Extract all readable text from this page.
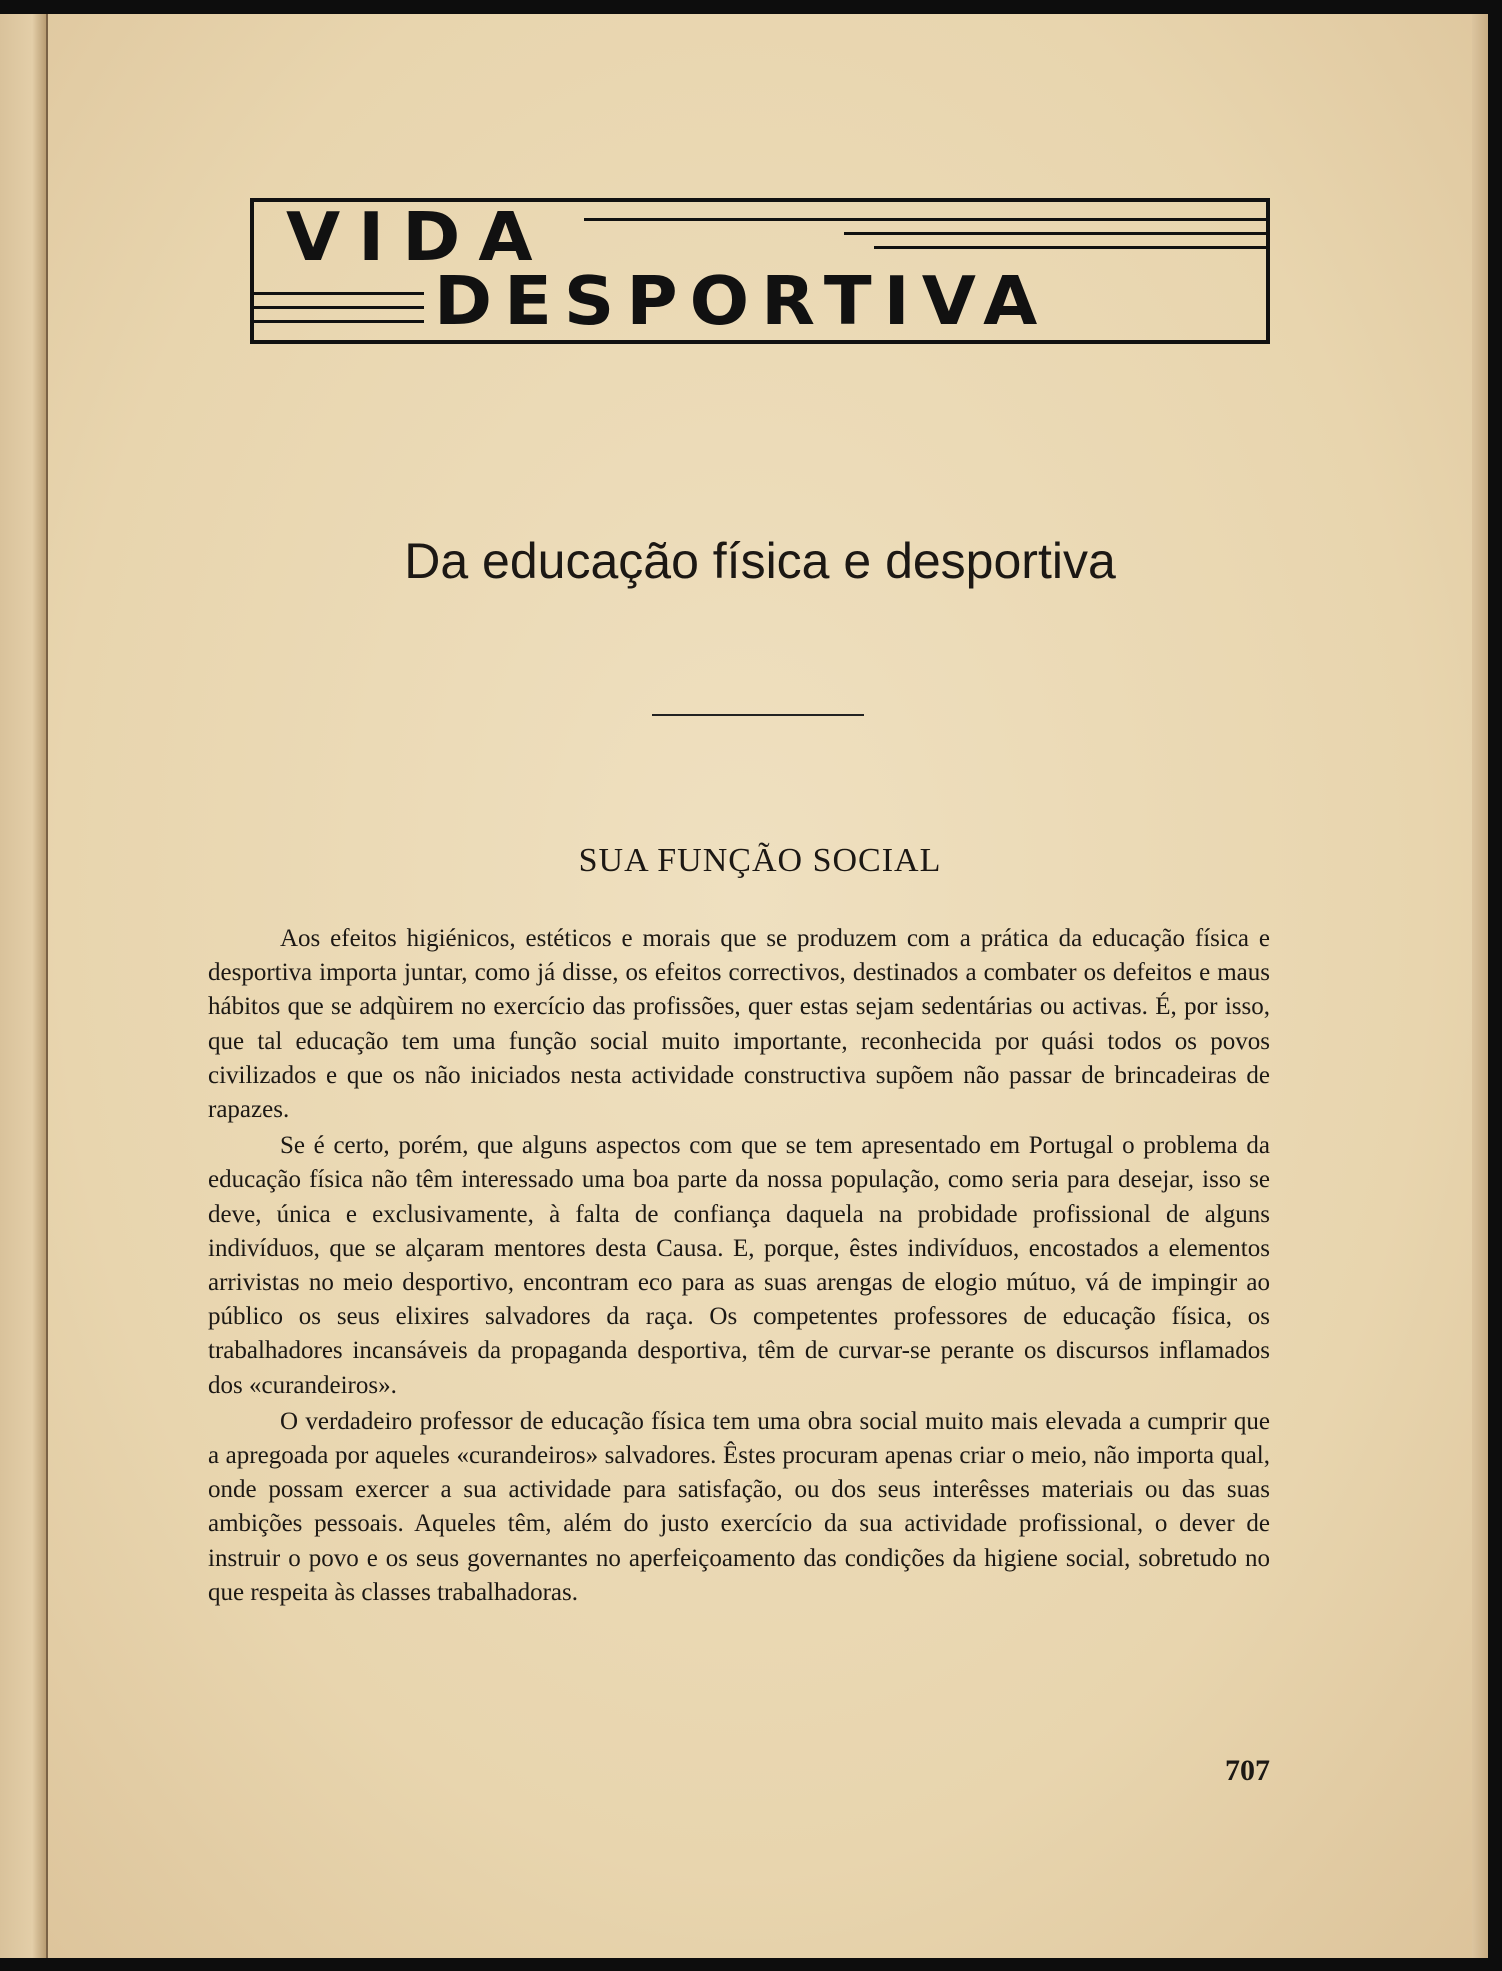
VIDA
DESPORTIVA
Da educação física e desportiva
SUA FUNÇÃO SOCIAL

Aos efeitos higiénicos, estéticos e morais que se produzem com a prática da educação física e desportiva importa juntar, como já disse, os efeitos correctivos, destinados a combater os defeitos e maus hábitos que se adqùirem no exercício das profissões, quer estas sejam sedentárias ou activas. É, por isso, que tal educação tem uma função social muito importante, reconhecida por quási todos os povos civilizados e que os não iniciados nesta actividade constructiva supõem não passar de brincadeiras de rapazes.

Se é certo, porém, que alguns aspectos com que se tem apresentado em Portugal o problema da educação física não têm interessado uma boa parte da nossa população, como seria para desejar, isso se deve, única e exclusivamente, à falta de confiança daquela na probidade profissional de alguns indivíduos, que se alçaram mentores desta Causa. E, porque, êstes indivíduos, encostados a elementos arrivistas no meio desportivo, encontram eco para as suas arengas de elogio mútuo, vá de impingir ao público os seus elixires salvadores da raça. Os competentes professores de educação física, os trabalhadores incansáveis da propaganda desportiva, têm de curvar-se perante os discursos inflamados dos «curandeiros».

O verdadeiro professor de educação física tem uma obra social muito mais elevada a cumprir que a apregoada por aqueles «curandeiros» salvadores. Êstes procuram apenas criar o meio, não importa qual, onde possam exercer a sua actividade para satisfação, ou dos seus interêsses materiais ou das suas ambições pessoais. Aqueles têm, além do justo exercício da sua actividade profissional, o dever de instruir o povo e os seus governantes no aperfeiçoamento das condições da higiene social, sobretudo no que respeita às classes trabalhadoras.

707
